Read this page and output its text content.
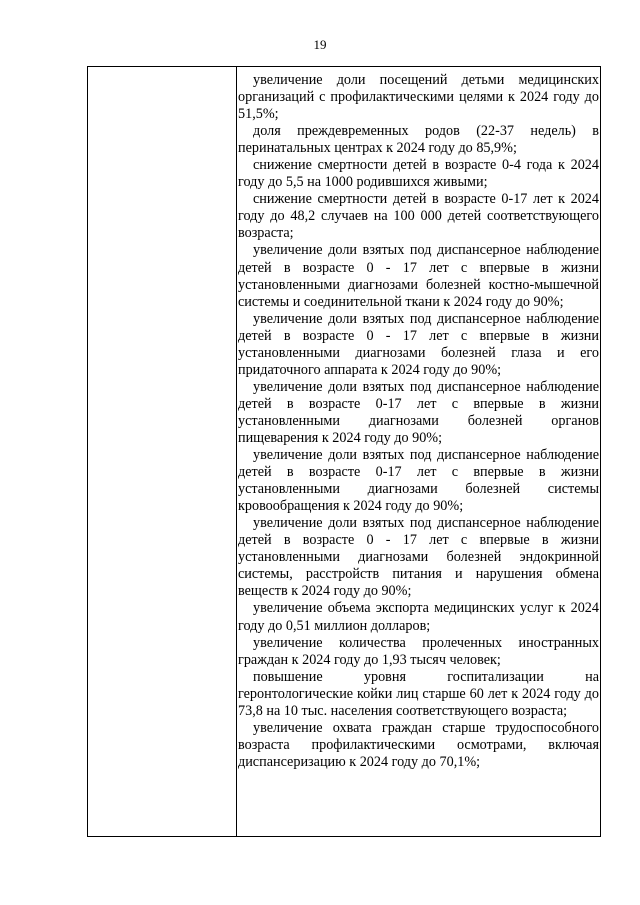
19

увеличение доли посещений детьми медицинских организаций с профилактическими целями к 2024 году до 51,5%;

доля преждевременных родов (22-37 недель) в перинатальных центрах к 2024 году до 85,9%;

снижение смертности детей в возрасте 0-4 года к 2024 году до 5,5 на 1000 родившихся живыми;

снижение смертности детей в возрасте 0-17 лет к 2024 году до 48,2 случаев на 100 000 детей соответствующего возраста;

увеличение доли взятых под диспансерное наблюдение детей в возрасте 0 - 17 лет с впервые в жизни установленными диагнозами болезней костно-мышечной системы и соединительной ткани к 2024 году до 90%;

увеличение доли взятых под диспансерное наблюдение детей в возрасте 0 - 17 лет с впервые в жизни установленными диагнозами болезней глаза и его придаточного аппарата к 2024 году до 90%;

увеличение доли взятых под диспансерное наблюдение детей в возрасте 0-17 лет с впервые в жизни установленными диагнозами болезней органов пищеварения к 2024 году до 90%;

увеличение доли взятых под диспансерное наблюдение детей в возрасте 0-17 лет с впервые в жизни установленными диагнозами болезней системы кровообращения к 2024 году до 90%;

увеличение доли взятых под диспансерное наблюдение детей в возрасте 0 - 17 лет с впервые в жизни установленными диагнозами болезней эндокринной системы, расстройств питания и нарушения обмена веществ к 2024 году до 90%;

увеличение объема экспорта медицинских услуг к 2024 году до 0,51 миллион долларов;

увеличение количества пролеченных иностранных граждан к 2024 году до 1,93 тысяч человек;

повышение уровня госпитализации на геронтологические койки лиц старше 60 лет к 2024 году до 73,8 на 10 тыс. населения соответствующего возраста;

увеличение охвата граждан старше трудоспособного возраста профилактическими осмотрами, включая диспансеризацию к 2024 году до 70,1%;
